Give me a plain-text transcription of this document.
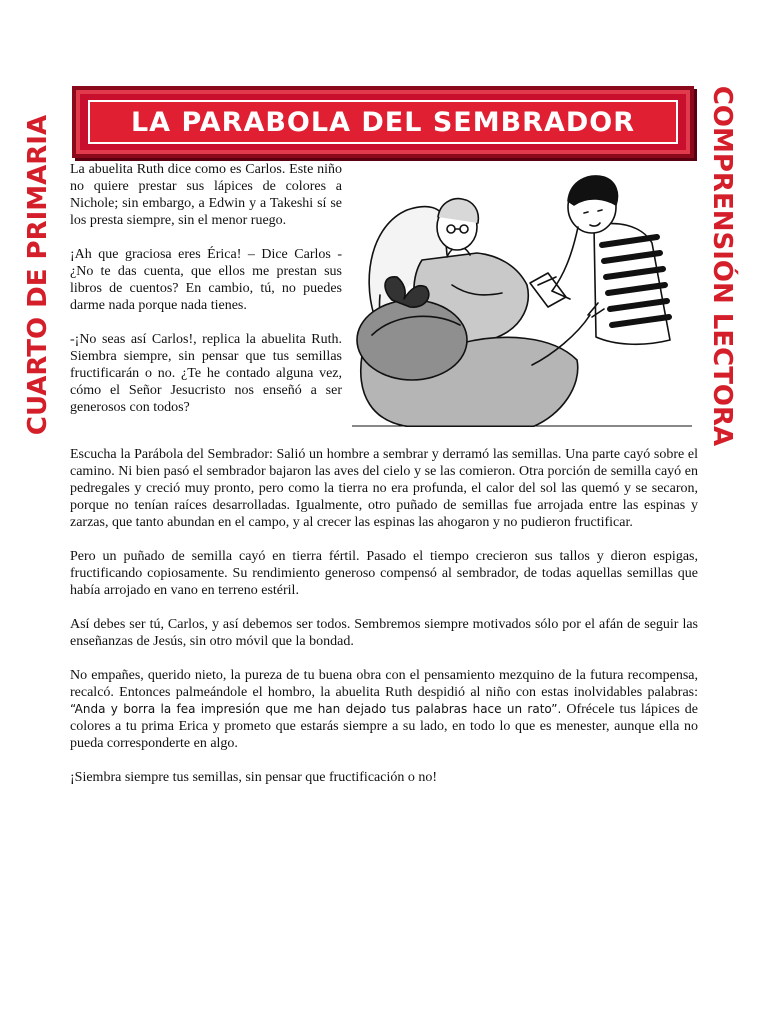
LA PARABOLA DEL SEMBRADOR
CUARTO DE PRIMARIA	COMPRENSIÓN LECTORA

La abuelita Ruth dice como es Carlos. Este niño no quiere prestar sus lápices de colores a Nichole; sin embargo, a Edwin y a Takeshi sí se los presta siempre, sin el menor ruego.

¡Ah que graciosa eres Érica! – Dice Carlos - ¿No te das cuenta, que ellos me prestan sus libros de cuentos? En cambio, tú, no puedes darme nada porque nada tienes.

-¡No seas así Carlos!, replica la abuelita Ruth. Siembra siempre, sin pensar que tus semillas fructificarán o no. ¿Te he contado alguna vez, cómo el Señor Jesucristo nos enseñó a ser generosos con todos?

Escucha la Parábola del Sembrador: Salió un hombre a sembrar y derramó las semillas. Una parte cayó sobre el camino. Ni bien pasó el sembrador bajaron las aves del cielo y se las comieron. Otra porción de semilla cayó en pedregales y creció muy pronto, pero como la tierra no era profunda, el calor del sol las quemó y se secaron, porque no tenían raíces desarrolladas. Igualmente, otro puñado de semillas fue arrojada entre las espinas y zarzas, que tanto abundan en el campo, y al crecer las espinas las ahogaron y no pudieron fructificar.

Pero un puñado de semilla cayó en tierra fértil. Pasado el tiempo crecieron sus tallos y dieron espigas, fructificando copiosamente. Su rendimiento generoso compensó al sembrador, de todas aquellas semillas que había arrojado en vano en terreno estéril.

Así debes ser tú, Carlos, y así debemos ser todos. Sembremos siempre motivados sólo por el afán de seguir las enseñanzas de Jesús, sin otro móvil que la bondad.

No empañes, querido nieto, la pureza de tu buena obra con el pensamiento mezquino de la futura recompensa, recalcó. Entonces palmeándole el hombro, la abuelita Ruth despidió al niño con estas inolvidables palabras: “Anda y borra la fea impresión que me han dejado tus palabras hace un rato”. Ofrécele tus lápices de colores a tu prima Erica y prometo que estarás siempre a su lado, en todo lo que es menester, aunque ella no pueda corresponderte en algo.

¡Siembra siempre tus semillas, sin pensar que fructificación o no!
